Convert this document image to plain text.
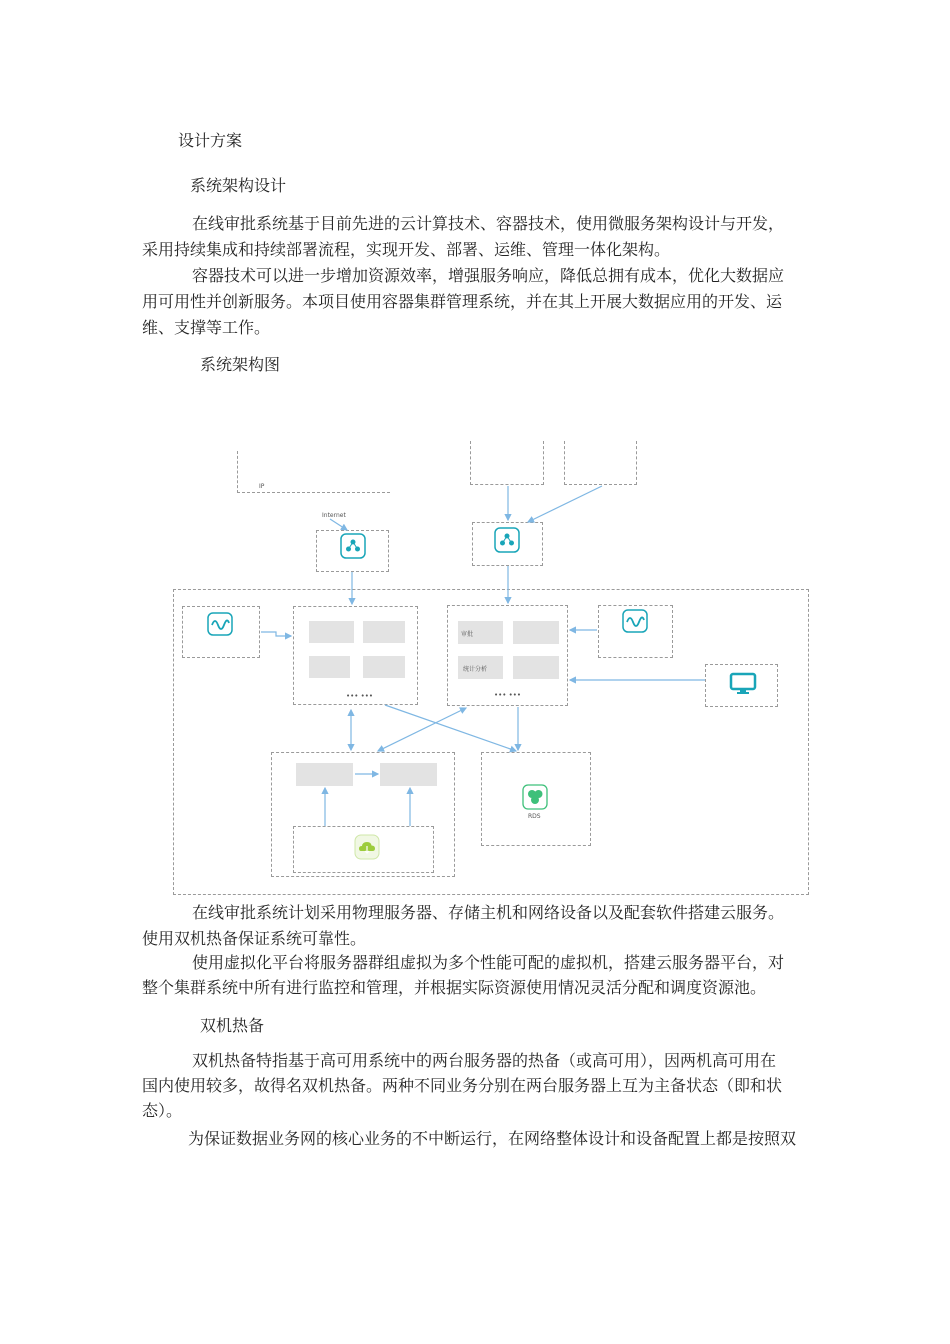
设计方案
系统架构设计
在线审批系统基于目前先进的云计算技术、容器技术，使用微服务架构设计与开发，
采用持续集成和持续部署流程，实现开发、部署、运维、管理一体化架构。
容器技术可以进一步增加资源效率，增强服务响应，降低总拥有成本，优化大数据应
用可用性并创新服务。本项目使用容器集群管理系统，并在其上开展大数据应用的开发、运
维、支撑等工作。
系统架构图
IP
Internet
••• •••
审批
统计分析
••• •••
RDS
在线审批系统计划采用物理服务器、存储主机和网络设备以及配套软件搭建云服务。
使用双机热备保证系统可靠性。
使用虚拟化平台将服务器群组虚拟为多个性能可配的虚拟机，搭建云服务器平台，对
整个集群系统中所有进行监控和管理，并根据实际资源使用情况灵活分配和调度资源池。
双机热备
双机热备特指基于高可用系统中的两台服务器的热备（或高可用），因两机高可用在
国内使用较多，故得名双机热备。两种不同业务分别在两台服务器上互为主备状态（即和状
态）。
为保证数据业务网的核心业务的不中断运行，在网络整体设计和设备配置上都是按照双
